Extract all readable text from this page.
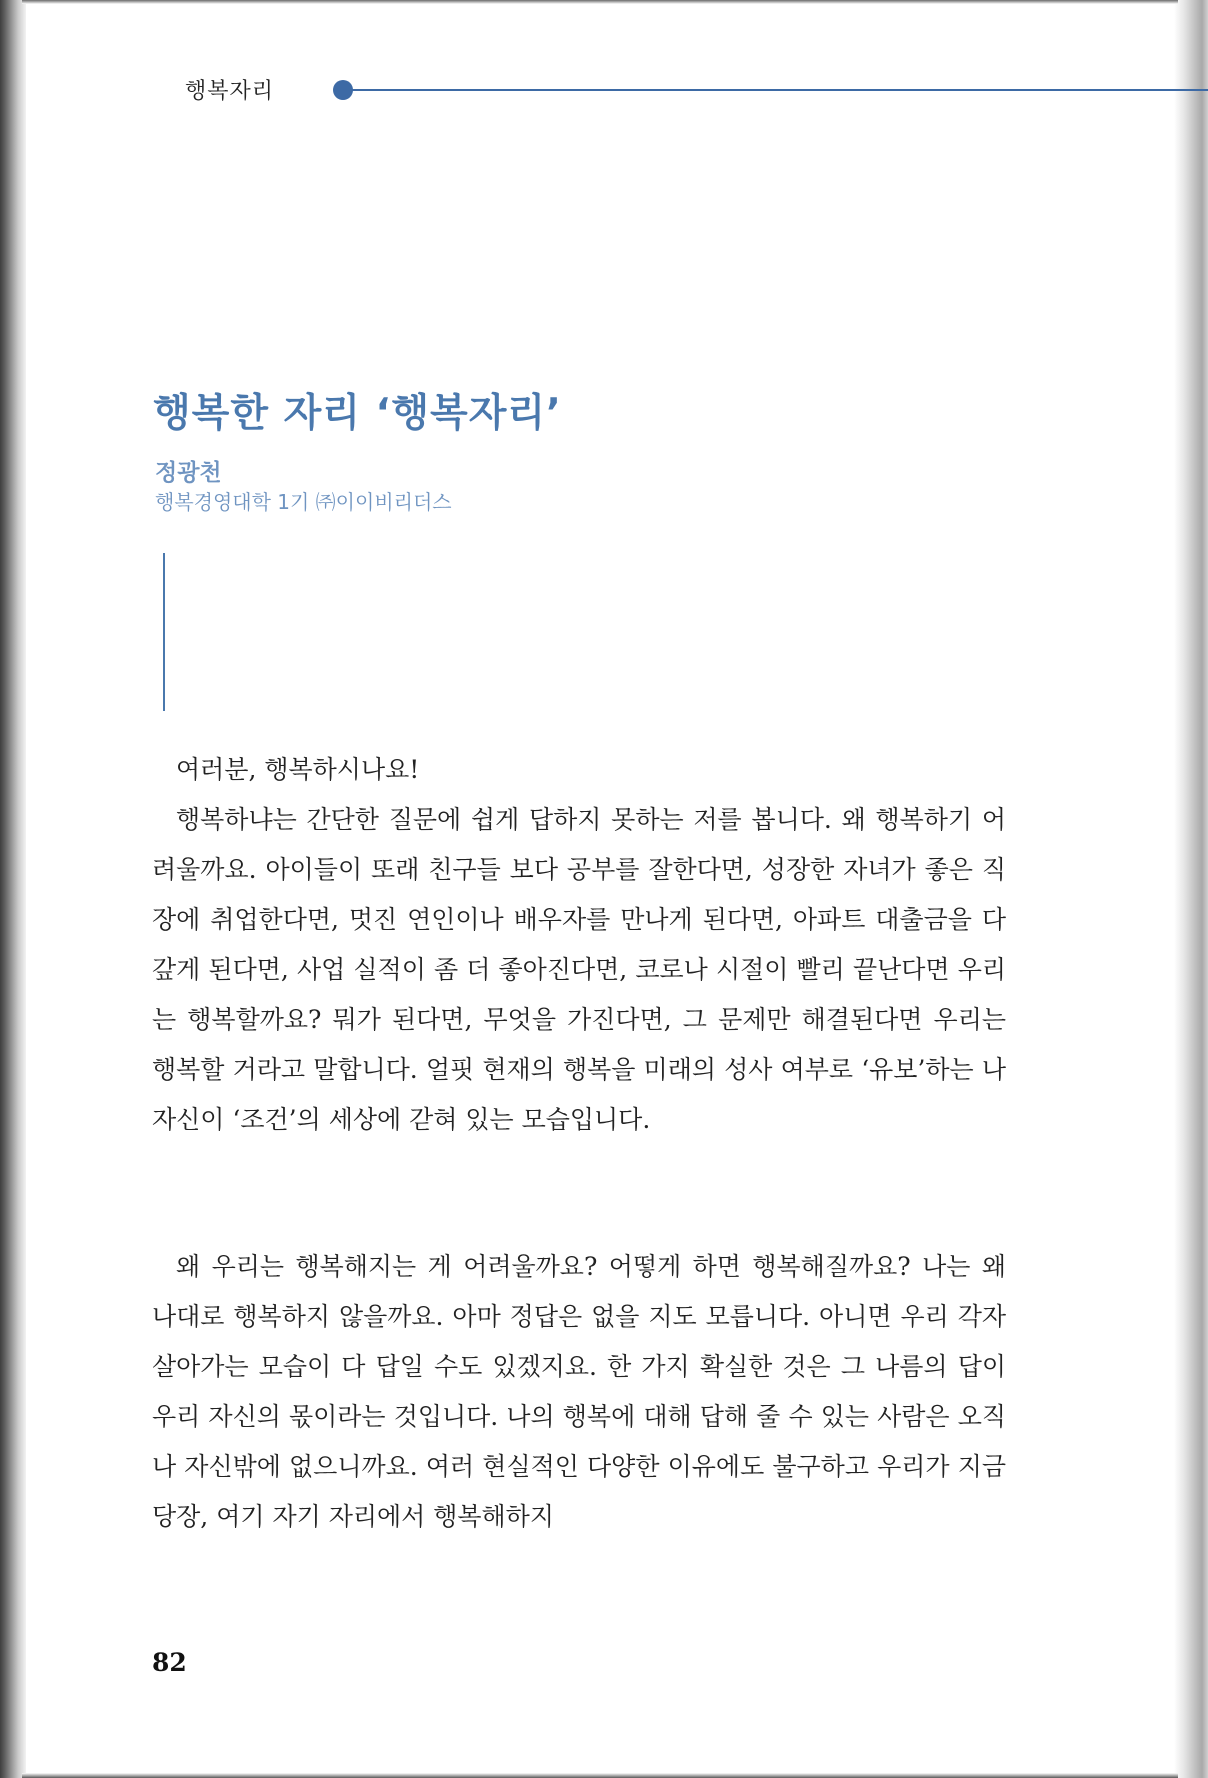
행복자리
행복한 자리 ‘행복자리’
정광천
행복경영대학 1기 ㈜이이비리더스

여러분, 행복하시나요!

행복하냐는 간단한 질문에 쉽게 답하지 못하는 저를 봅니다. 왜 행복하기 어려울까요. 아이들이 또래 친구들 보다 공부를 잘한다면, 성장한 자녀가 좋은 직장에 취업한다면, 멋진 연인이나 배우자를 만나게 된다면, 아파트 대출금을 다 갚게 된다면, 사업 실적이 좀 더 좋아진다면, 코로나 시절이 빨리 끝난다면 우리는 행복할까요? 뭐가 된다면, 무엇을 가진다면, 그 문제만 해결된다면 우리는 행복할 거라고 말합니다. 얼핏 현재의 행복을 미래의 성사 여부로 ‘유보’하는 나 자신이 ‘조건’의 세상에 갇혀 있는 모습입니다.

왜 우리는 행복해지는 게 어려울까요? 어떻게 하면 행복해질까요? 나는 왜 나대로 행복하지 않을까요. 아마 정답은 없을 지도 모릅니다. 아니면 우리 각자 살아가는 모습이 다 답일 수도 있겠지요. 한 가지 확실한 것은 그 나름의 답이 우리 자신의 몫이라는 것입니다. 나의 행복에 대해 답해 줄 수 있는 사람은 오직 나 자신밖에 없으니까요. 여러 현실적인 다양한 이유에도 불구하고 우리가 지금 당장, 여기 자기 자리에서 행복해하지

82
